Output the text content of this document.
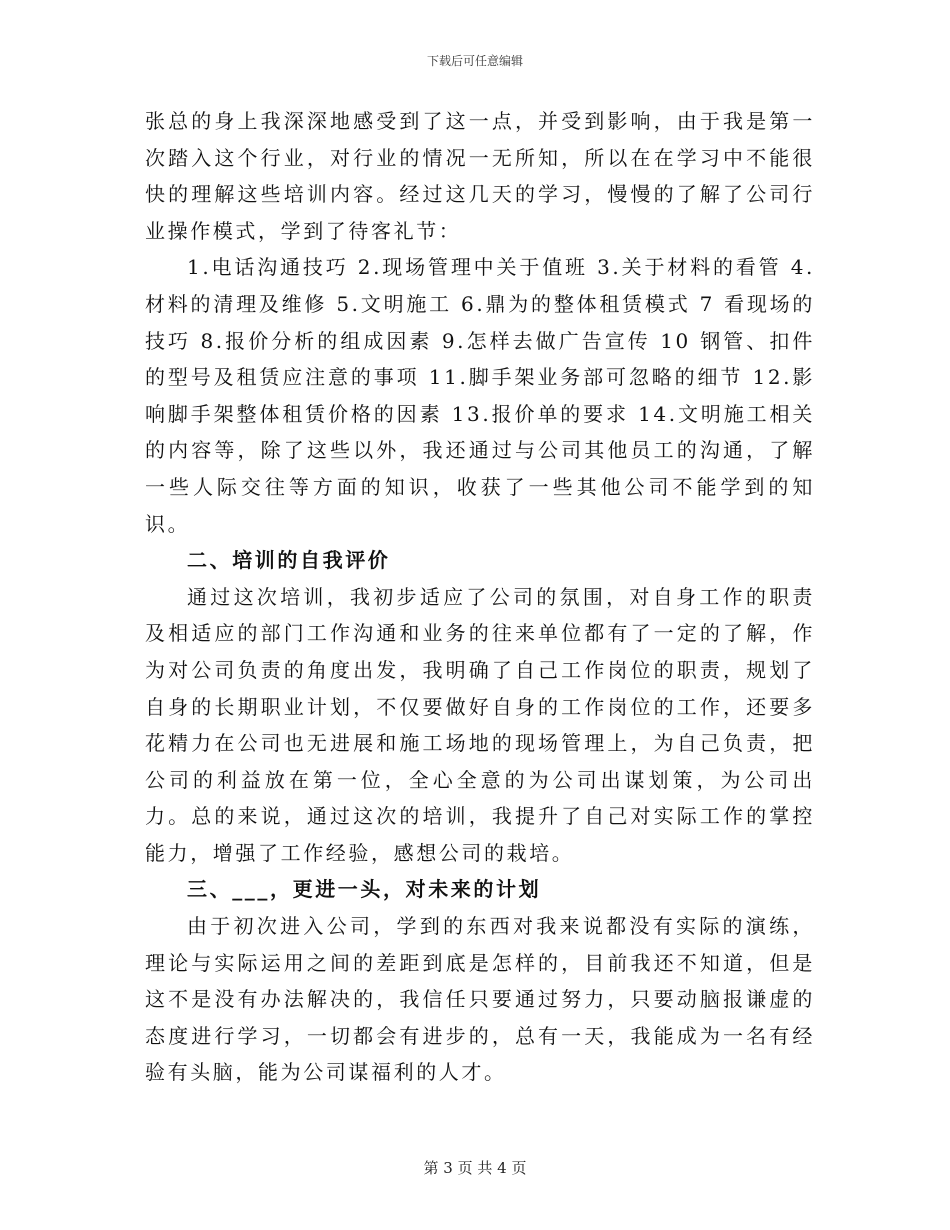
下载后可任意编辑

张总的身上我深深地感受到了这一点，并受到影响，由于我是第一次踏入这个行业，对行业的情况一无所知，所以在在学习中不能很快的理解这些培训内容。经过这几天的学习，慢慢的了解了公司行业操作模式，学到了待客礼节：

1.电话沟通技巧 2.现场管理中关于值班 3.关于材料的看管 4.材料的清理及维修 5.文明施工 6.鼎为的整体租赁模式 7 看现场的技巧 8.报价分析的组成因素 9.怎样去做广告宣传 10 钢管、扣件的型号及租赁应注意的事项 11.脚手架业务部可忽略的细节 12.影响脚手架整体租赁价格的因素 13.报价单的要求 14.文明施工相关的内容等，除了这些以外，我还通过与公司其他员工的沟通，了解一些人际交往等方面的知识，收获了一些其他公司不能学到的知识。

二、培训的自我评价

通过这次培训，我初步适应了公司的氛围，对自身工作的职责及相适应的部门工作沟通和业务的往来单位都有了一定的了解，作为对公司负责的角度出发，我明确了自己工作岗位的职责，规划了自身的长期职业计划，不仅要做好自身的工作岗位的工作，还要多花精力在公司也无进展和施工场地的现场管理上，为自己负责，把公司的利益放在第一位，全心全意的为公司出谋划策，为公司出力。总的来说，通过这次的培训，我提升了自己对实际工作的掌控能力，增强了工作经验，感想公司的栽培。

三、___，更进一头，对未来的计划

由于初次进入公司，学到的东西对我来说都没有实际的演练，理论与实际运用之间的差距到底是怎样的，目前我还不知道，但是这不是没有办法解决的，我信任只要通过努力，只要动脑报谦虚的态度进行学习，一切都会有进步的，总有一天，我能成为一名有经验有头脑，能为公司谋福利的人才。

第 3 页 共 4 页
